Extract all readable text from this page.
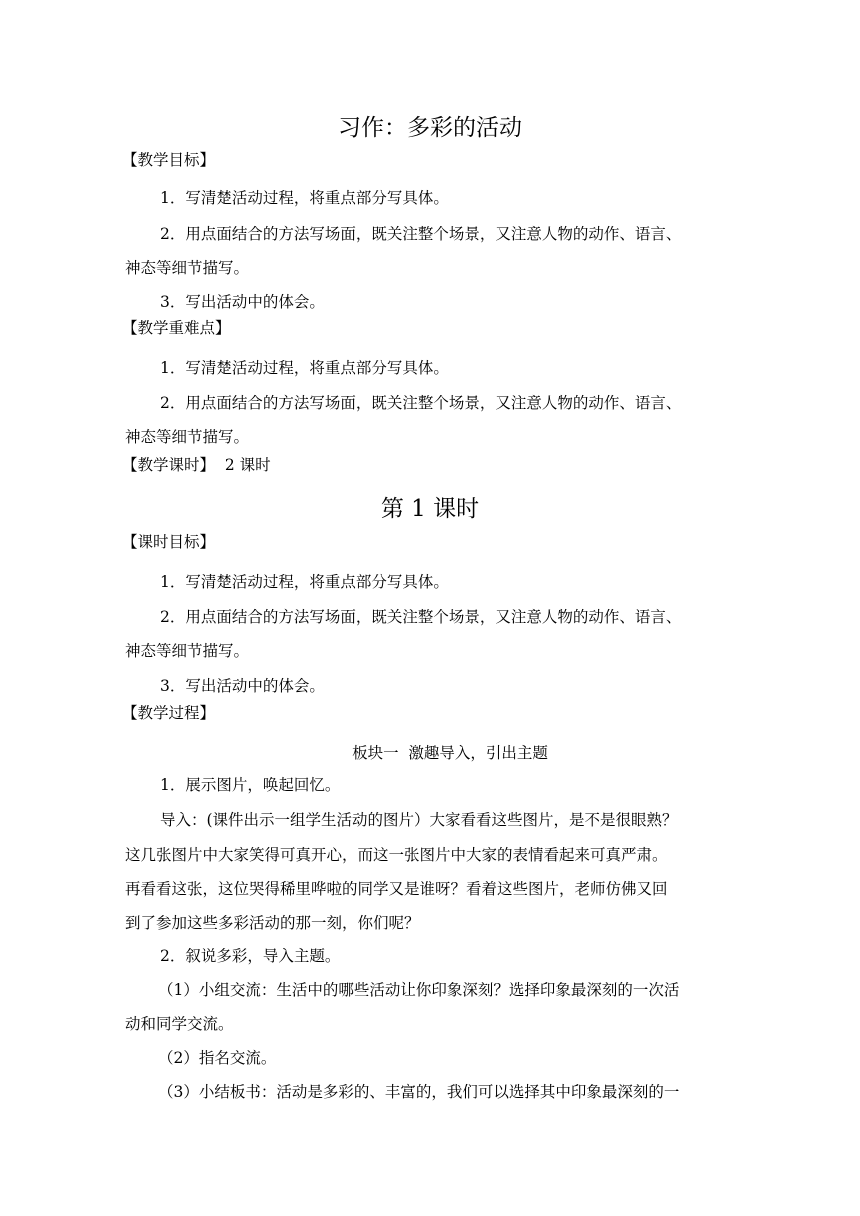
习作：多彩的活动
【教学目标】
1．写清楚活动过程，将重点部分写具体。
2．用点面结合的方法写场面，既关注整个场景，又注意人物的动作、语言、
神态等细节描写。
3．写出活动中的体会。
【教学重难点】
1．写清楚活动过程，将重点部分写具体。
2．用点面结合的方法写场面，既关注整个场景，又注意人物的动作、语言、
神态等细节描写。
【教学课时】  2 课时
第 1 课时
【课时目标】
1．写清楚活动过程，将重点部分写具体。
2．用点面结合的方法写场面，既关注整个场景，又注意人物的动作、语言、
神态等细节描写。
3．写出活动中的体会。
【教学过程】
板块一  激趣导入，引出主题
1．展示图片，唤起回忆。
导入：(课件出示一组学生活动的图片）大家看看这些图片，是不是很眼熟？
这几张图片中大家笑得可真开心，而这一张图片中大家的表情看起来可真严肃。
再看看这张，这位哭得稀里哗啦的同学又是谁呀？看着这些图片，老师仿佛又回
到了参加这些多彩活动的那一刻，你们呢？
2．叙说多彩，导入主题。
（1）小组交流：生活中的哪些活动让你印象深刻？选择印象最深刻的一次活
动和同学交流。
（2）指名交流。
（3）小结板书：活动是多彩的、丰富的，我们可以选择其中印象最深刻的一
